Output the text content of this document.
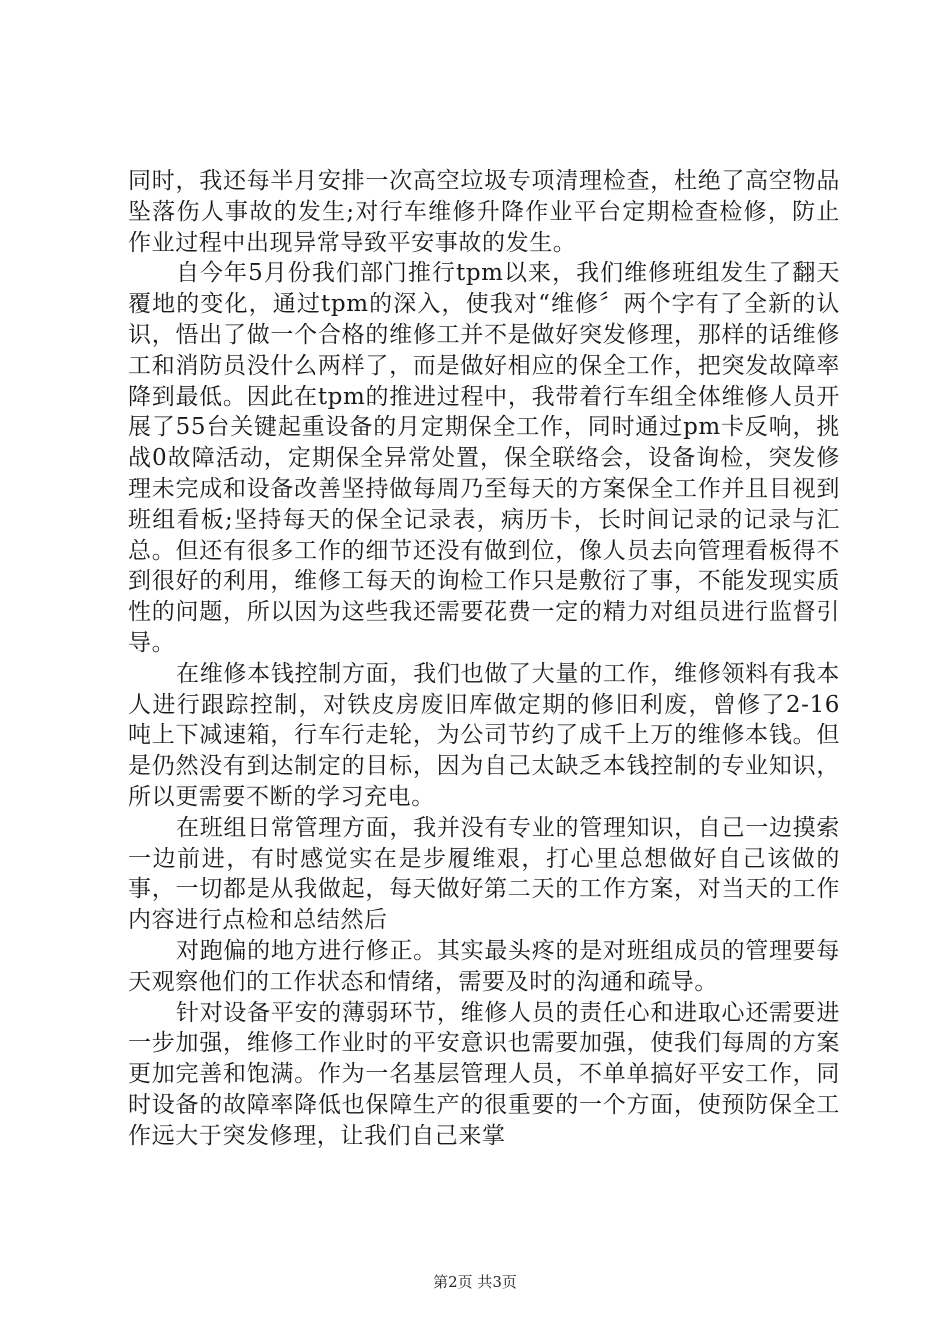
同时，我还每半月安排一次高空垃圾专项清理检查，杜绝了高空物品坠落伤人事故的发生;对行车维修升降作业平台定期检查检修，防止作业过程中出现异常导致平安事故的发生。

自今年5月份我们部门推行tpm以来，我们维修班组发生了翻天覆地的变化，通过tpm的深入，使我对“维修〞两个字有了全新的认识，悟出了做一个合格的维修工并不是做好突发修理，那样的话维修工和消防员没什么两样了，而是做好相应的保全工作，把突发故障率降到最低。因此在tpm的推进过程中，我带着行车组全体维修人员开展了55台关键起重设备的月定期保全工作，同时通过pm卡反响，挑战0故障活动，定期保全异常处置，保全联络会，设备询检，突发修理未完成和设备改善坚持做每周乃至每天的方案保全工作并且目视到班组看板;坚持每天的保全记录表，病历卡，长时间记录的记录与汇总。但还有很多工作的细节还没有做到位，像人员去向管理看板得不到很好的利用，维修工每天的询检工作只是敷衍了事，不能发现实质性的问题，所以因为这些我还需要花费一定的精力对组员进行监督引导。

在维修本钱控制方面，我们也做了大量的工作，维修领料有我本人进行跟踪控制，对铁皮房废旧库做定期的修旧利废，曾修了2-16吨上下减速箱，行车行走轮，为公司节约了成千上万的维修本钱。但是仍然没有到达制定的目标，因为自己太缺乏本钱控制的专业知识，所以更需要不断的学习充电。

在班组日常管理方面，我并没有专业的管理知识，自己一边摸索一边前进，有时感觉实在是步履维艰，打心里总想做好自己该做的事，一切都是从我做起，每天做好第二天的工作方案，对当天的工作内容进行点检和总结然后

对跑偏的地方进行修正。其实最头疼的是对班组成员的管理要每天观察他们的工作状态和情绪，需要及时的沟通和疏导。

针对设备平安的薄弱环节，维修人员的责任心和进取心还需要进一步加强，维修工作业时的平安意识也需要加强，使我们每周的方案更加完善和饱满。作为一名基层管理人员，不单单搞好平安工作，同时设备的故障率降低也保障生产的很重要的一个方面，使预防保全工作远大于突发修理，让我们自己来掌

第2页 共3页
